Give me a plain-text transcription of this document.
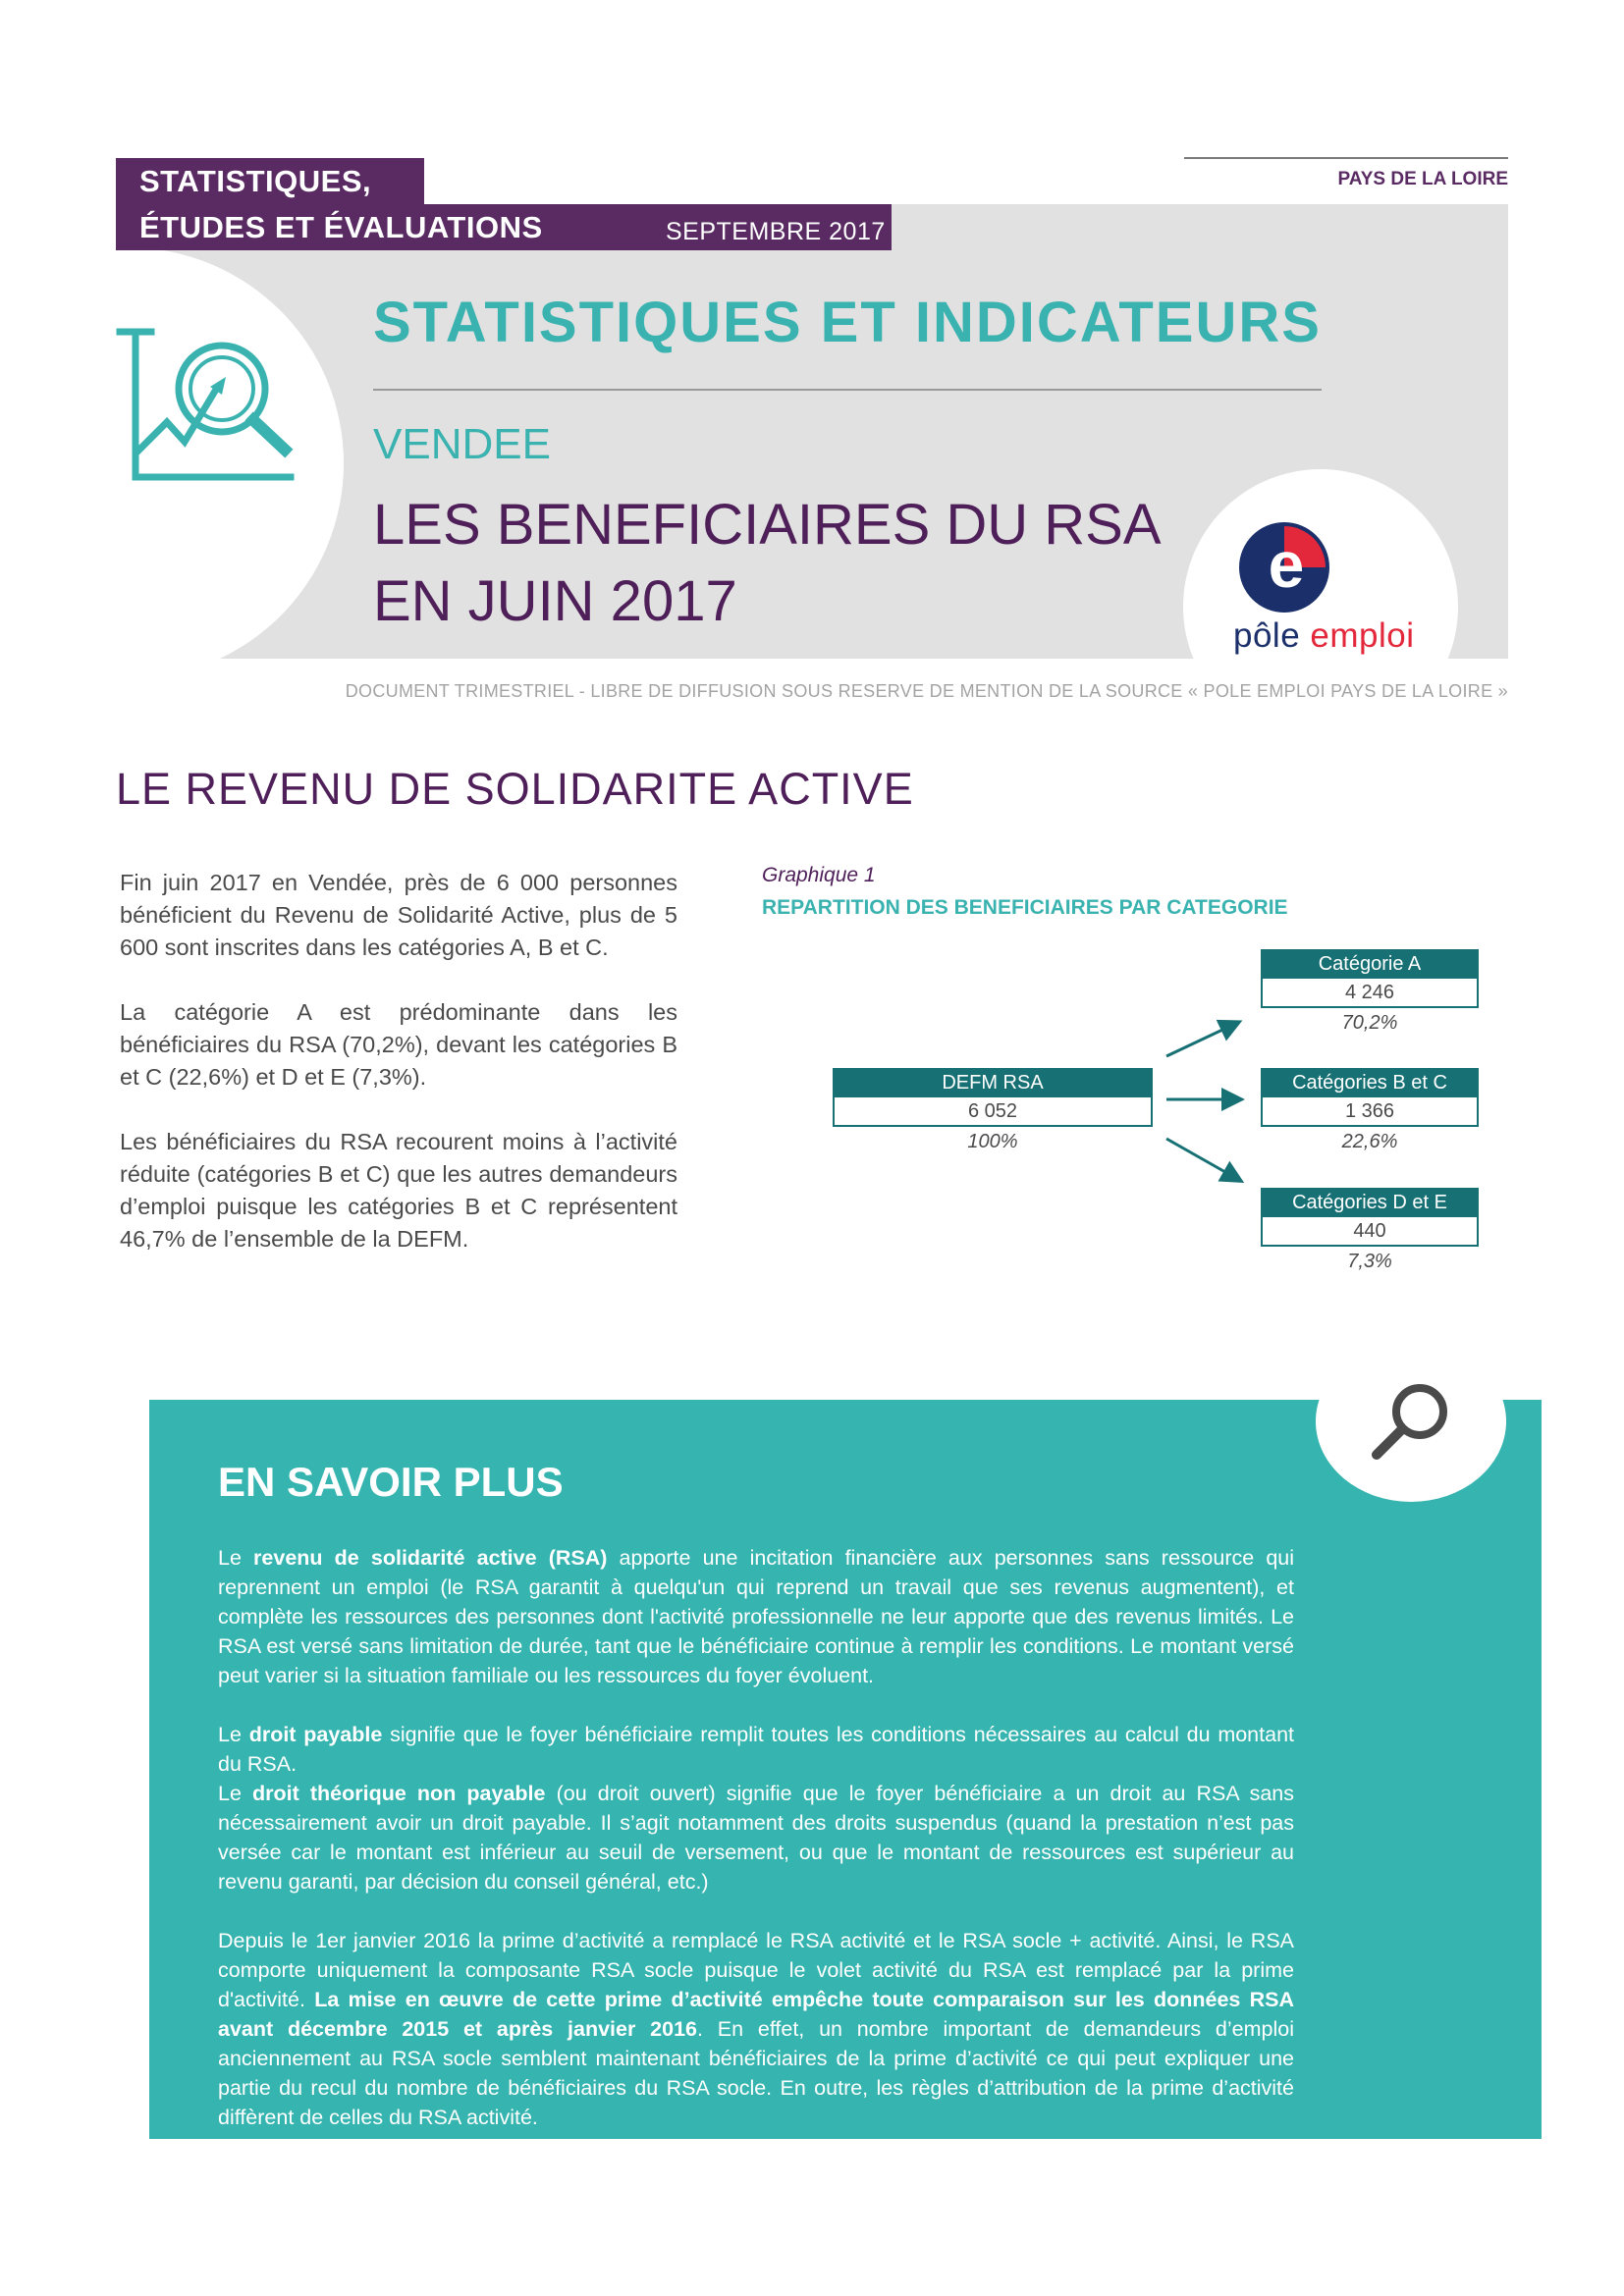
STATISTIQUES,
ÉTUDES ET ÉVALUATIONS	SEPTEMBRE 2017
PAYS DE LA LOIRE
STATISTIQUES ET INDICATEURS
VENDEE
LES BENEFICIAIRES DU RSA
EN JUIN 2017
e
pôle emploi
DOCUMENT TRIMESTRIEL - LIBRE DE DIFFUSION SOUS RESERVE DE MENTION DE LA SOURCE « POLE EMPLOI PAYS DE LA LOIRE »
LE REVENU DE SOLIDARITE ACTIVE

Fin juin 2017 en Vendée, près de 6 000 personnes bénéficient du Revenu de Solidarité Active, plus de 5 600 sont inscrites dans les catégories A, B et C.

La catégorie A est prédominante dans les bénéficiaires du RSA (70,2%), devant les catégories B et C (22,6%) et D et E (7,3%).

Les bénéficiaires du RSA recourent moins à l’activité réduite (catégories B et C) que les autres demandeurs d’emploi puisque les catégories B et C représentent 46,7% de l’ensemble de la DEFM.

Graphique 1
REPARTITION DES BENEFICIAIRES PAR CATEGORIE
DEFM RSA
6 052
100%
Catégorie A
4 246
70,2%
Catégories B et C
1 366
22,6%
Catégories D et E
440
7,3%
EN SAVOIR PLUS

Le revenu de solidarité active (RSA) apporte une incitation financière aux personnes sans ressource qui reprennent un emploi (le RSA garantit à quelqu'un qui reprend un travail que ses revenus augmentent), et complète les ressources des personnes dont l'activité professionnelle ne leur apporte que des revenus limités. Le RSA est versé sans limitation de durée, tant que le bénéficiaire continue à remplir les conditions. Le montant versé peut varier si la situation familiale ou les ressources du foyer évoluent.

Le droit payable signifie que le foyer bénéficiaire remplit toutes les conditions nécessaires au calcul du montant du RSA.

Le droit théorique non payable (ou droit ouvert) signifie que le foyer bénéficiaire a un droit au RSA sans nécessairement avoir un droit payable. Il s’agit notamment des droits suspendus (quand la prestation n’est pas versée car le montant est inférieur au seuil de versement, ou que le montant de ressources est supérieur au revenu garanti, par décision du conseil général, etc.)

Depuis le 1er janvier 2016 la prime d’activité a remplacé le RSA activité et le RSA socle + activité. Ainsi, le RSA comporte uniquement la composante RSA socle puisque le volet activité du RSA est remplacé par la prime d'activité. La mise en œuvre de cette prime d’activité empêche toute comparaison sur les données RSA avant décembre 2015 et après janvier 2016. En effet, un nombre important de demandeurs d’emploi anciennement au RSA socle semblent maintenant bénéficiaires de la prime d’activité ce qui peut expliquer une partie du recul du nombre de bénéficiaires du RSA socle. En outre, les règles d’attribution de la prime d’activité diffèrent de celles du RSA activité.
